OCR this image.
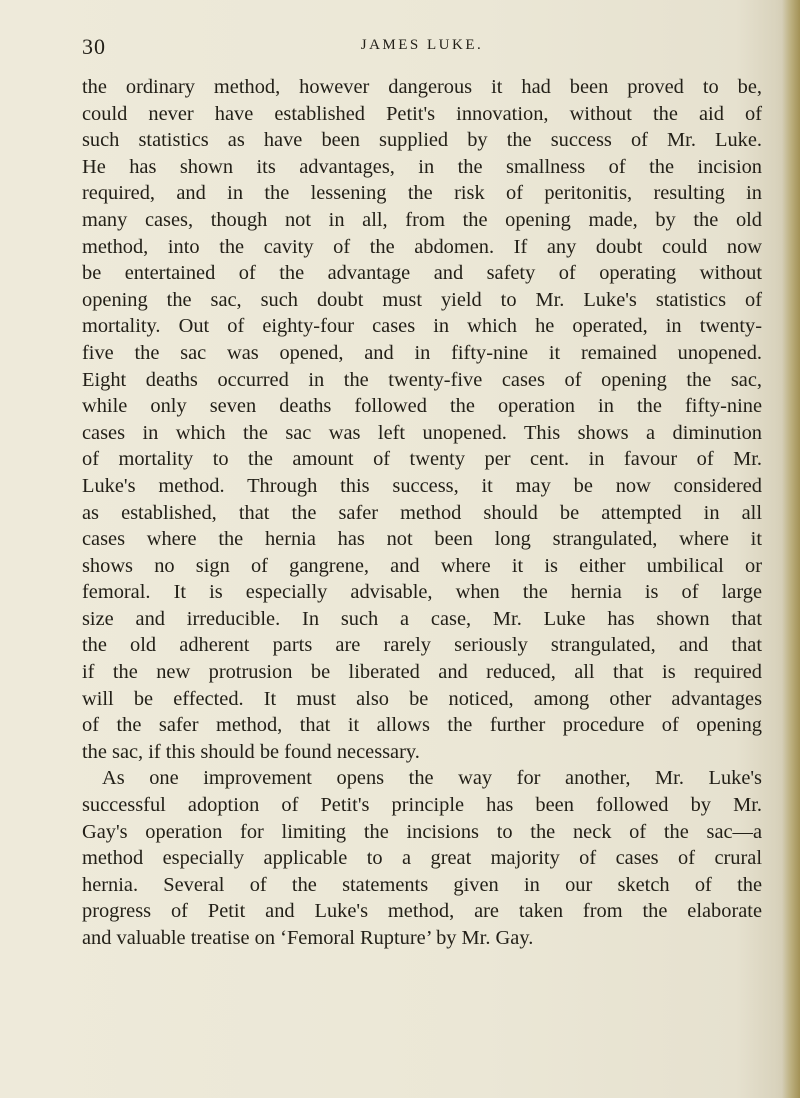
30	JAMES LUKE.
the ordinary method, however dangerous it had been proved to be,
could never have established Petit's innovation, without the aid of
such statistics as have been supplied by the success of Mr. Luke.
He has shown its advantages, in the smallness of the incision
required, and in the lessening the risk of peritonitis, resulting in
many cases, though not in all, from the opening made, by the old
method, into the cavity of the abdomen. If any doubt could now
be entertained of the advantage and safety of operating without
opening the sac, such doubt must yield to Mr. Luke's statistics of
mortality. Out of eighty-four cases in which he operated, in twenty-
five the sac was opened, and in fifty-nine it remained unopened.
Eight deaths occurred in the twenty-five cases of opening the sac,
while only seven deaths followed the operation in the fifty-nine
cases in which the sac was left unopened. This shows a diminution
of mortality to the amount of twenty per cent. in favour of Mr.
Luke's method. Through this success, it may be now considered
as established, that the safer method should be attempted in all
cases where the hernia has not been long strangulated, where it
shows no sign of gangrene, and where it is either umbilical or
femoral. It is especially advisable, when the hernia is of large
size and irreducible. In such a case, Mr. Luke has shown that
the old adherent parts are rarely seriously strangulated, and that
if the new protrusion be liberated and reduced, all that is required
will be effected. It must also be noticed, among other advantages
of the safer method, that it allows the further procedure of opening
the sac, if this should be found necessary.
As one improvement opens the way for another, Mr. Luke's
successful adoption of Petit's principle has been followed by Mr.
Gay's operation for limiting the incisions to the neck of the sac—a
method especially applicable to a great majority of cases of crural
hernia. Several of the statements given in our sketch of the
progress of Petit and Luke's method, are taken from the elaborate
and valuable treatise on ‘Femoral Rupture’ by Mr. Gay.
